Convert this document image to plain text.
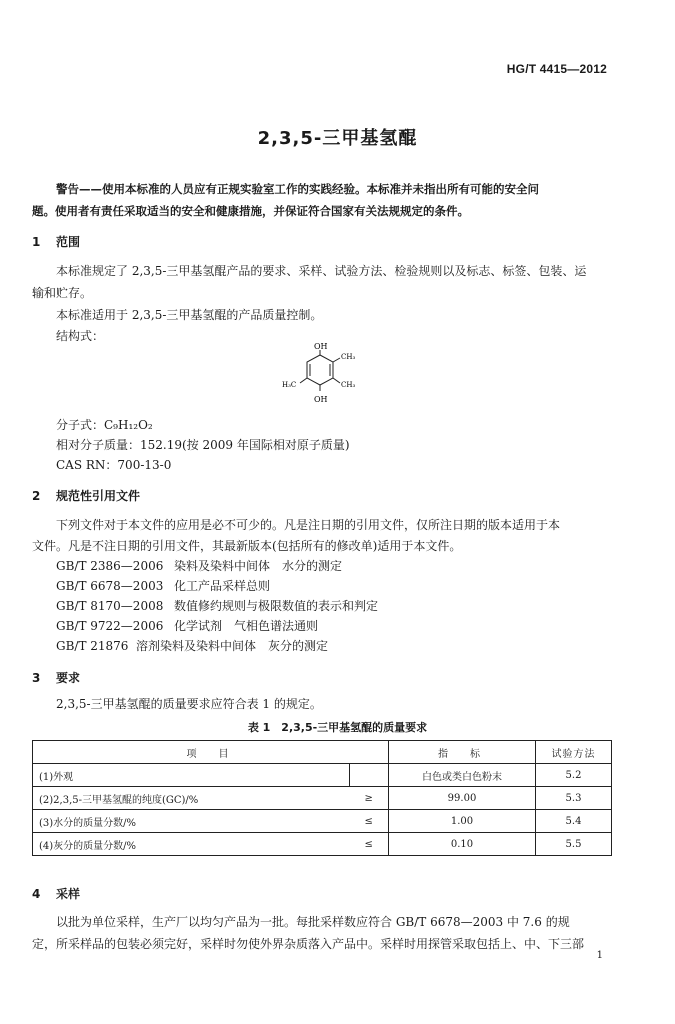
HG/T 4415—2012
2,3,5-三甲基氢醌
警告——使用本标准的人员应有正规实验室工作的实践经验。本标准并未指出所有可能的安全问
题。使用者有责任采取适当的安全和健康措施，并保证符合国家有关法规规定的条件。
1 范围
本标准规定了 2,3,5-三甲基氢醌产品的要求、采样、试验方法、检验规则以及标志、标签、包装、运
输和贮存。
本标准适用于 2,3,5-三甲基氢醌的产品质量控制。
结构式：
OH
OH
CH₃
CH₃
H₃C
分子式：C₉H₁₂O₂
相对分子质量：152.19(按 2009 年国际相对原子质量)
CAS RN：700-13-0
2 规范性引用文件
下列文件对于本文件的应用是必不可少的。凡是注日期的引用文件，仅所注日期的版本适用于本
文件。凡是不注日期的引用文件，其最新版本(包括所有的修改单)适用于本文件。
GB/T 2386—2006 染料及染料中间体　水分的测定
GB/T 6678—2003 化工产品采样总则
GB/T 8170—2008 数值修约规则与极限数值的表示和判定
GB/T 9722—2006 化学试剂　气相色谱法通则
GB/T 21876 溶剂染料及染料中间体　灰分的测定
3 要求
2,3,5-三甲基氢醌的质量要求应符合表 1 的规定。
表 1　2,3,5-三甲基氢醌的质量要求
项　目		指　标	试验方法
(1)外观		白色或类白色粉末	5.2
(2)2,3,5-三甲基氢醌的纯度(GC)/%	≥	99.00	5.3
(3)水分的质量分数/%	≤	1.00	5.4
(4)灰分的质量分数/%	≤	0.10	5.5
4 采样
以批为单位采样，生产厂以均匀产品为一批。每批采样数应符合 GB/T 6678—2003 中 7.6 的规
定，所采样品的包装必须完好，采样时勿使外界杂质落入产品中。采样时用探管采取包括上、中、下三部
1
